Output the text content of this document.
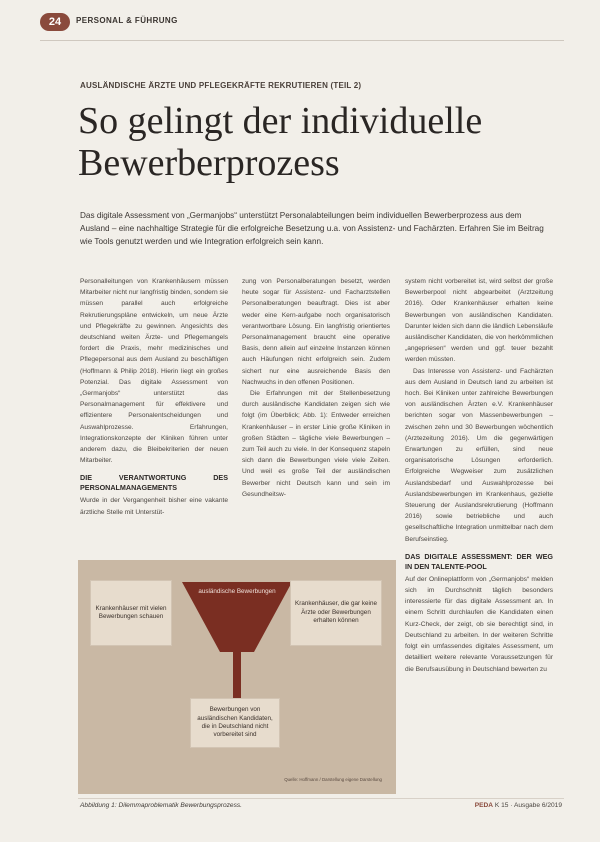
24	PERSONAL & FÜHRUNG
AUSLÄNDISCHE ÄRZTE UND PFLEGEKRÄFTE REKRUTIEREN (TEIL 2)
So gelingt der individuelle Bewerberprozess

Das digitale Assessment von „Germanjobs“ unterstützt Personalabteilungen beim individuellen Bewerberprozess aus dem Ausland – eine nachhaltige Strategie für die erfolgreiche Besetzung u.a. von Assistenz- und Fachärzten. Erfahren Sie im Beitrag wie Tools genutzt werden und wie Integration erfolgreich sein kann.

Personalleitungen von Krankenhäusern müssen Mitarbeiter nicht nur langfristig binden, sondern sie müssen parallel auch erfolgreiche Rekrutierungspläne entwickeln, um neue Ärzte und Pflegekräfte zu gewinnen. Angesichts des deutschland weiten Ärzte- und Pflegemangels fordert die Praxis, mehr medizinisches und Pflegepersonal aus dem Ausland zu beschäftigen (Hoffmann & Philip 2018). Hierin liegt ein großes Potenzial. Das digitale Assessment von „Germanjobs“ unterstützt das Personalmanagement für effektivere und effizientere Personalentscheidungen und Auswahlprozesse. Erfahrungen, Integrationskonzepte der Kliniken führen unter anderem dazu, die Bleibekriterien der neuen Mitarbeiter.

DIE VERANTWORTUNG DES PERSONALMANAGEMENTS

Wurde in der Vergangenheit bisher eine vakante ärztliche Stelle mit Unterstüt-

zung von Personalberatungen besetzt, werden heute sogar für Assistenz- und Facharztstellen Personalberatungen beauftragt. Dies ist aber weder eine Kern-aufgabe noch organisatorisch verantwortbare Lösung. Ein langfristig orientiertes Personalmanagement braucht eine operative Basis, denn allein auf einzelne Instanzen können auch Häufungen nicht erfolgreich sein. Zudem sichert nur eine ausreichende Basis den Nachwuchs in den offenen Positionen.

Die Erfahrungen mit der Stellenbesetzung durch ausländische Kandidaten zeigen sich wie folgt (im Überblick; Abb. 1): Entweder erreichen Krankenhäuser – in erster Linie große Kliniken in großen Städten – tägliche viele Bewerbungen – zum Teil auch zu viele. In der Konsequenz stapeln sich dann die Bewerbungen viele viele Zeiten. Und weil es große Teil der ausländischen Bewerber nicht Deutsch kann und sein im Gesundheitsw-

system nicht vorbereitet ist, wird selbst der große Bewerberpool nicht abgearbeitet (Arztzeitung 2016). Oder Krankenhäuser erhalten keine Bewerbungen von ausländischen Kandidaten. Darunter leiden sich dann die ländlich Lebensläufe ausländischer Kandidaten, die von herkömmlichen „angepriesen“ werden und ggf. teuer bezahlt werden müssten.

Das Interesse von Assistenz- und Fachärzten aus dem Ausland in Deutsch land zu arbeiten ist hoch. Bei Kliniken unter zahlreiche Bewerbungen von ausländischen Ärzten e.V. Krankenhäuser berichten sogar von Massenbewerbungen – zwischen zehn und 30 Bewerbungen wöchentlich (Arztezeitung 2016). Um die gegenwärtigen Erwartungen zu erfüllen, sind neue organisatorische Lösungen erforderlich. Erfolgreiche Wegweiser zum zusätzlichen Auslandsbedarf und Auswahlprozesse bei Auslandsbewerbungen im Krankenhaus, gezielte Steuerung der Auslandsrekrutierung (Hoffmann 2016) sowie betriebliche und auch gesellschaftliche Integration unmittelbar nach dem Berufseinstieg.

DAS DIGITALE ASSESSMENT: DER WEG IN DEN TALENTE-POOL

Auf der Onlineplattform von „Germanjobs“ melden sich im Durchschnitt täglich besonders interessierte für das digitale Assessment an. In einem Schritt durchlaufen die Kandidaten einen Kurz-Check, der zeigt, ob sie berechtigt sind, in Deutschland zu arbeiten. In der weiteren Schritte folgt ein umfassendes digitales Assessment, um detailliert weitere relevante Voraussetzungen für die Berufsausübung in Deutschland bewerten zu

Krankenhäuser mit vielen Bewerbungen schauen
ausländische Bewerbungen
Krankenhäuser, die gar keine Ärzte oder Bewerbungen erhalten können
Bewerbungen von ausländischen Kandidaten, die in Deutschland nicht vorbereitet sind
Quelle: Hoffmann / Darstellung eigene Darstellung
Abbildung 1: Dilemmaproblematik Bewerbungsprozess.	PEDA K 15 · Ausgabe 6/2019
